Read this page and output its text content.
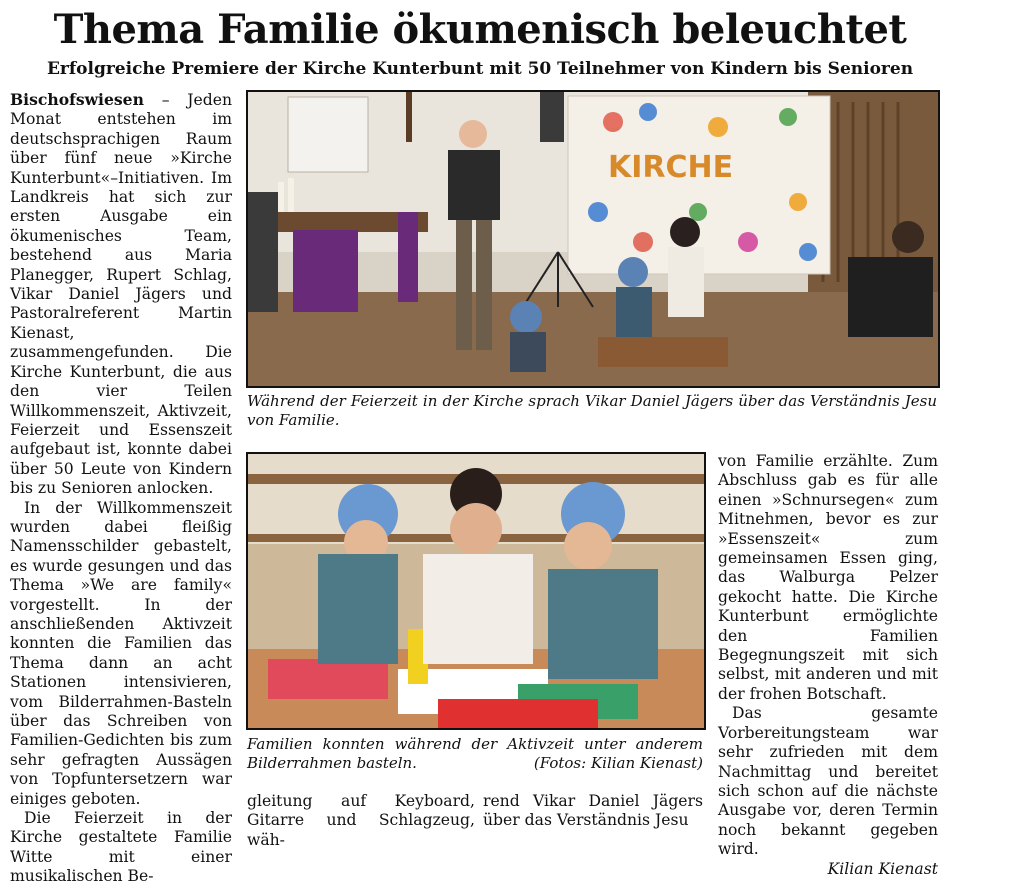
Thema Familie ökumenisch beleuchtet
Erfolgreiche Premiere der Kirche Kunterbunt mit 50 Teilnehmer von Kindern bis Senioren

Bischofswiesen – Jeden Monat entstehen im deutschsprachigen Raum über fünf neue »Kirche Kunterbunt«–Initiativen. Im Landkreis hat sich zur ersten Ausgabe ein ökumenisches Team, bestehend aus Maria Planegger, Rupert Schlag, Vikar Daniel Jägers und Pastoralreferent Martin Kienast, zusammengefunden. Die Kirche Kunterbunt, die aus den vier Teilen Willkommenszeit, Aktivzeit, Feierzeit und Essenszeit aufgebaut ist, konnte dabei über 50 Leute von Kindern bis zu Senioren anlocken.

In der Willkommenszeit wurden dabei fleißig Namensschilder gebastelt, es wurde gesungen und das Thema »We are family« vorgestellt. In der anschließenden Aktivzeit konnten die Familien das Thema dann an acht Stationen intensivieren, vom Bilderrahmen-Basteln über das Schreiben von Familien-Gedichten bis zum sehr gefragten Aussägen von Topfuntersetzern war einiges geboten.

Die Feierzeit in der Kirche gestaltete Familie Witte mit einer musikalischen Be-

KIRCHE
Während der Feierzeit in der Kirche sprach Vikar Daniel Jägers über das Verständnis Jesu von Familie.
Familien konnten während der Aktivzeit unter anderem Bilderrahmen basteln.	(Fotos: Kilian Kienast)

gleitung auf Keyboard, Gitarre und Schlagzeug, wäh-

rend Vikar Daniel Jägers über das Verständnis Jesu

von Familie erzählte. Zum Abschluss gab es für alle einen »Schnursegen« zum Mitnehmen, bevor es zur »Essenszeit« zum gemeinsamen Essen ging, das Walburga Pelzer gekocht hatte. Die Kirche Kunterbunt ermöglichte den Familien Begegnungszeit mit sich selbst, mit anderen und mit der frohen Botschaft.

Das gesamte Vorbereitungsteam war sehr zufrieden mit dem Nachmittag und bereitet sich schon auf die nächste Ausgabe vor, deren Termin noch bekannt gegeben wird.

Kilian Kienast
